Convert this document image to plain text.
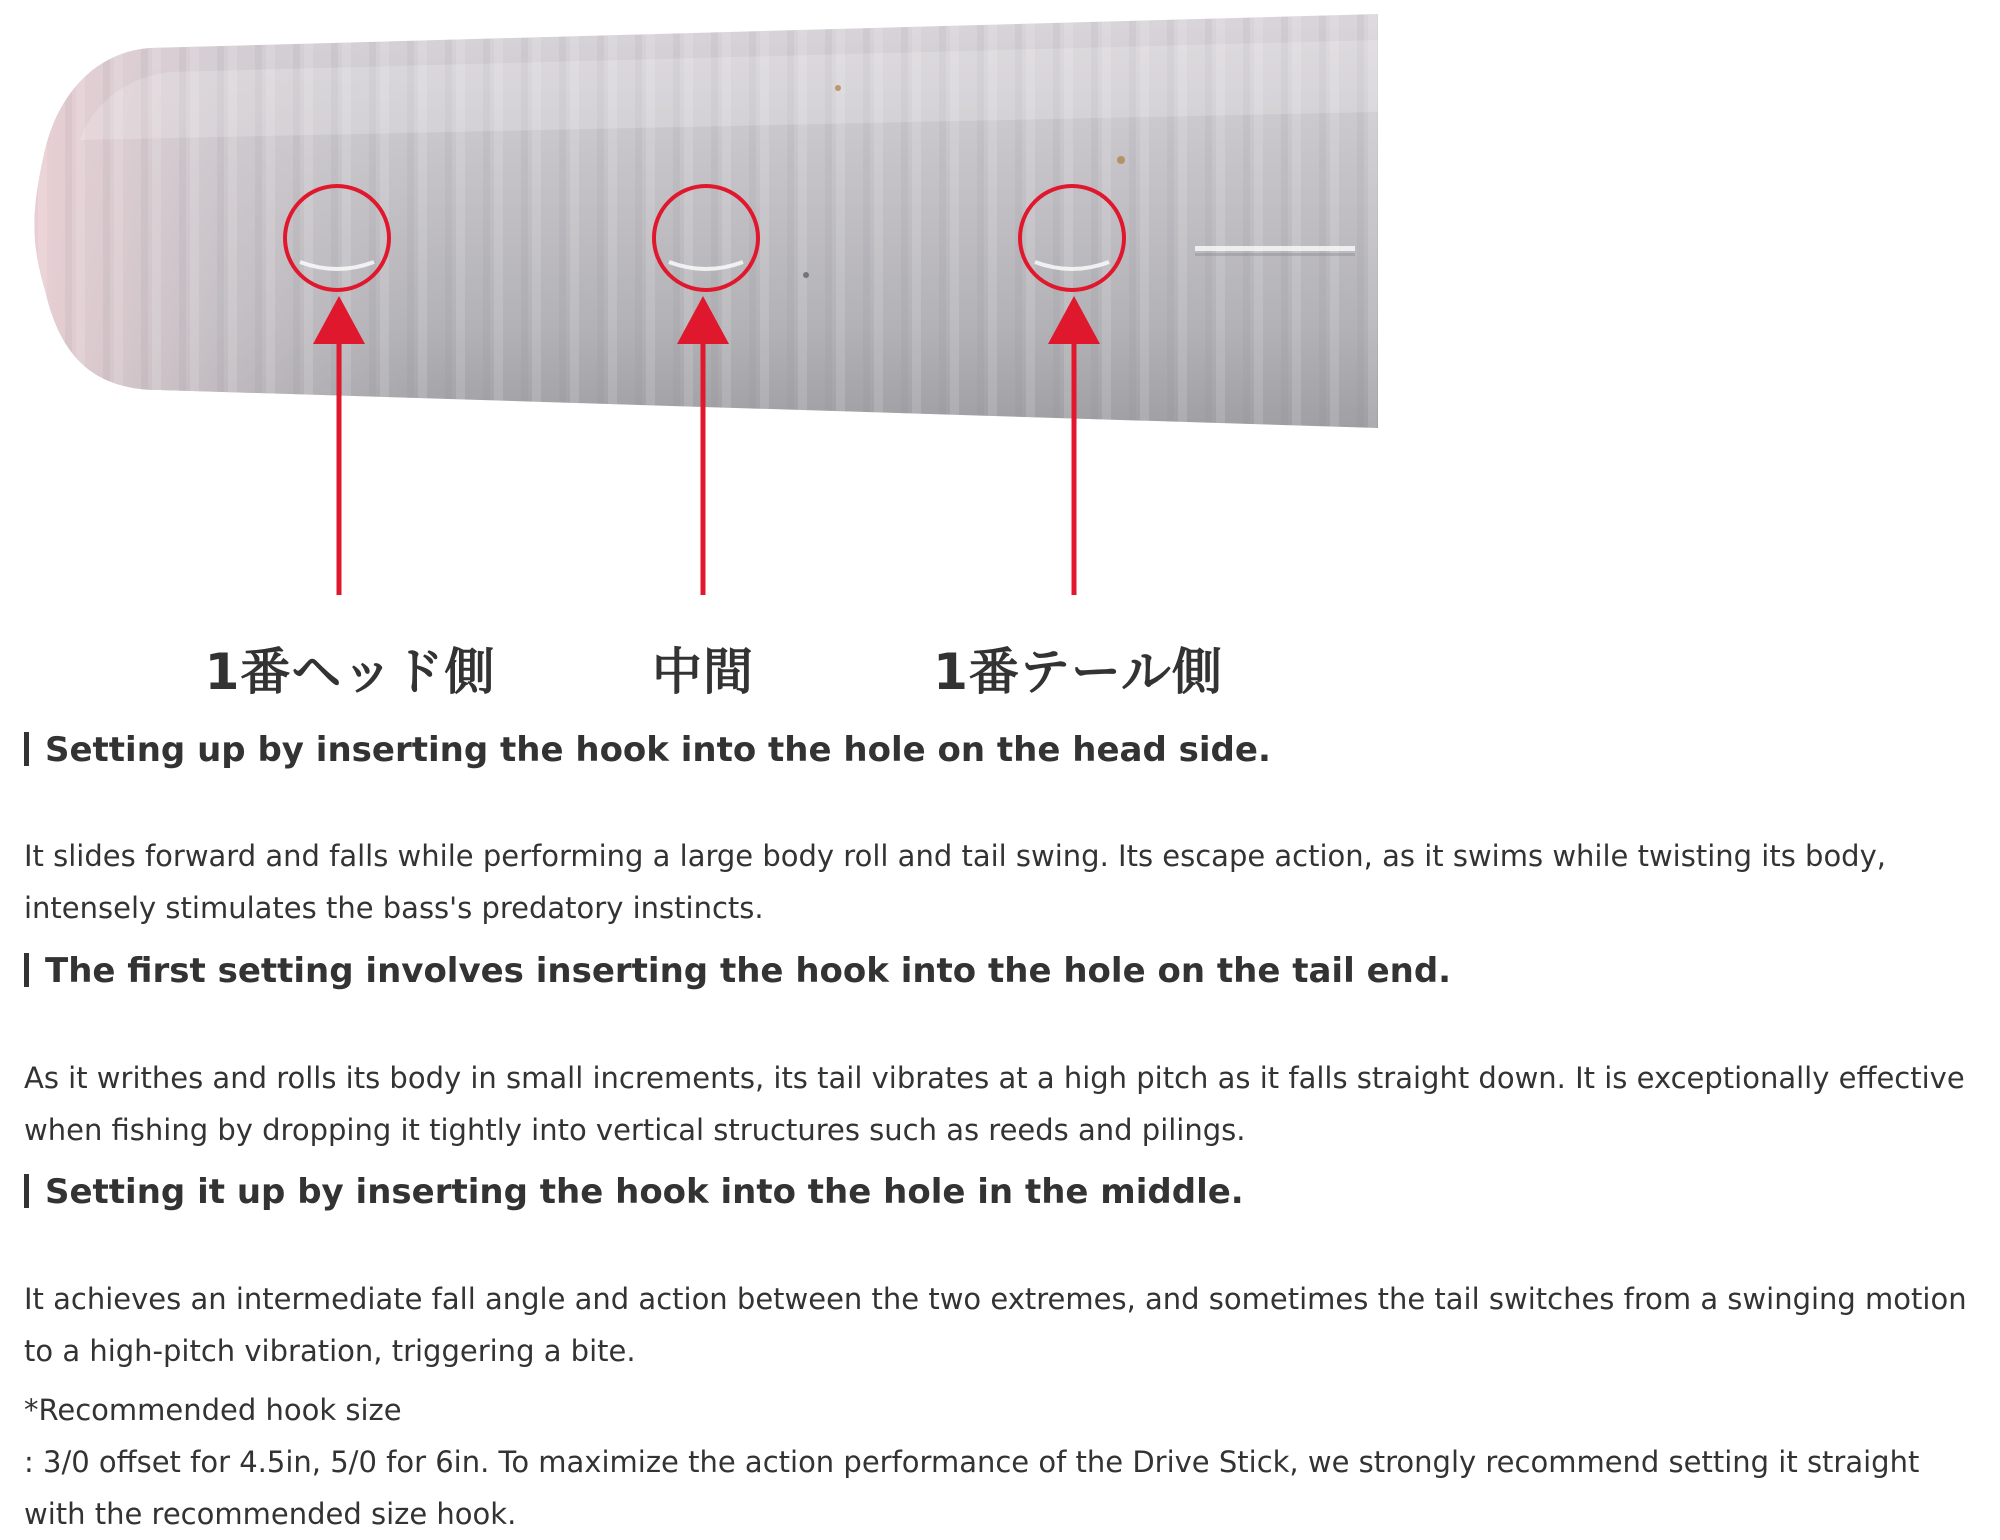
1番ヘッド側	中間	1番テール側
Setting up by inserting the hook into the hole on the head side.

It slides forward and falls while performing a large body roll and tail swing. Its escape action, as it swims while twisting its body, intensely stimulates the bass's predatory instincts.

The first setting involves inserting the hook into the hole on the tail end.

As it writhes and rolls its body in small increments, its tail vibrates at a high pitch as it falls straight down. It is exceptionally effective when fishing by dropping it tightly into vertical structures such as reeds and pilings.

Setting it up by inserting the hook into the hole in the middle.

It achieves an intermediate fall angle and action between the two extremes, and sometimes the tail switches from a swinging motion to a high-pitch vibration, triggering a bite.

*Recommended hook size

: 3/0 offset for 4.5in, 5/0 for 6in. To maximize the action performance of the Drive Stick, we strongly recommend setting it straight with the recommended size hook.
